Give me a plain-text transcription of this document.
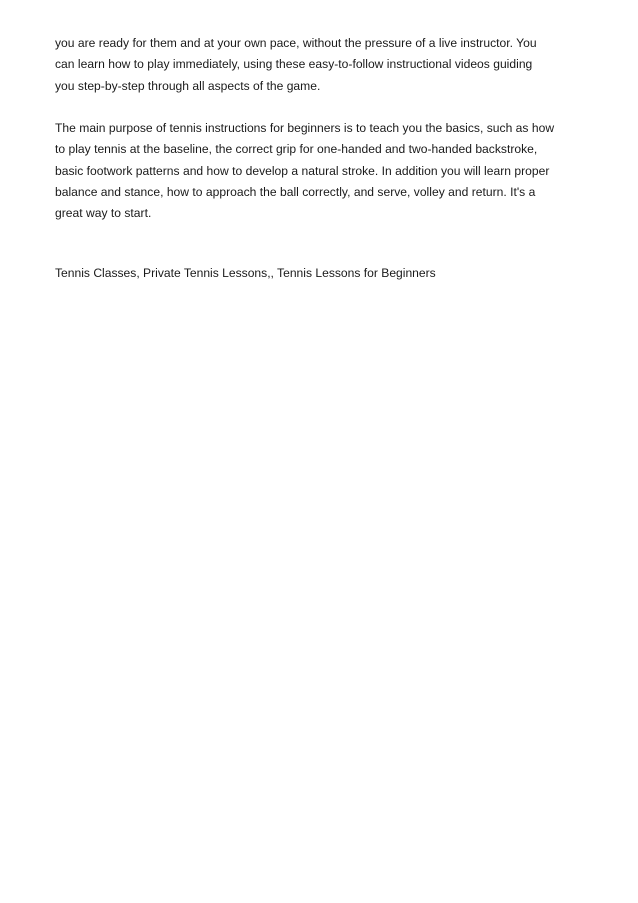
you are ready for them and at your own pace, without the pressure of a live instructor. You
can learn how to play immediately, using these easy-to-follow instructional videos guiding
you step-by-step through all aspects of the game.

The main purpose of tennis instructions for beginners is to teach you the basics, such as how
to play tennis at the baseline, the correct grip for one-handed and two-handed backstroke,
basic footwork patterns and how to develop a natural stroke. In addition you will learn proper
balance and stance, how to approach the ball correctly, and serve, volley and return. It's a
great way to start.

Tennis Classes, Private Tennis Lessons,, Tennis Lessons for Beginners
